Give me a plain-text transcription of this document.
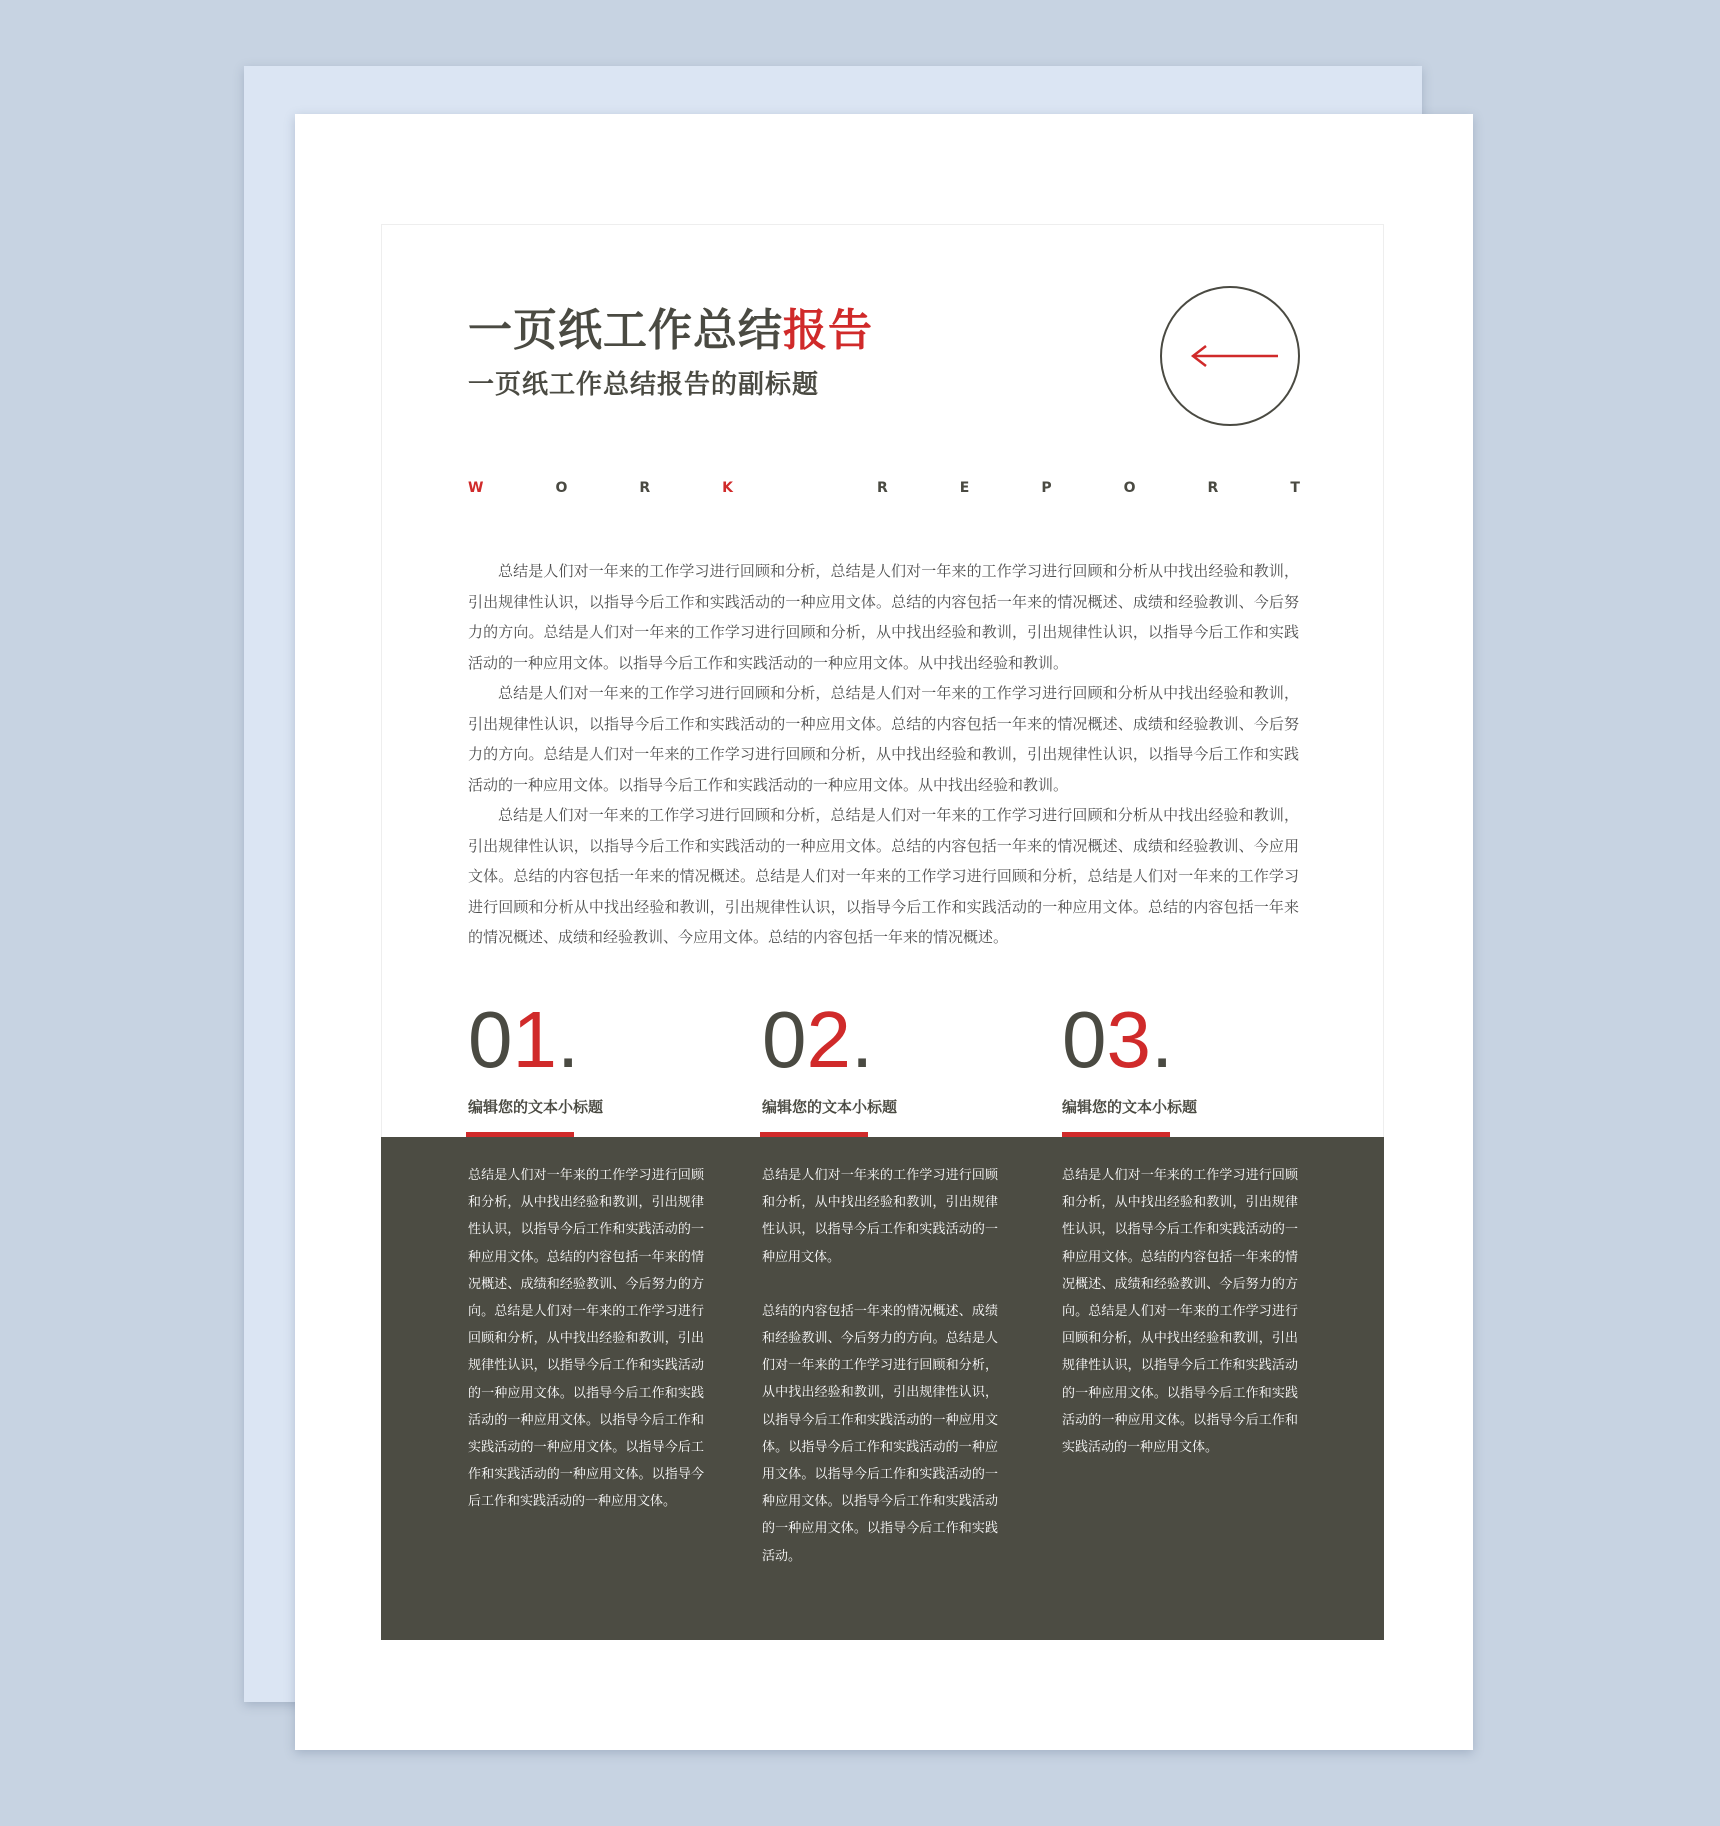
一页纸工作总结报告
一页纸工作总结报告的副标题
W	O	R	K	R	E	P	O	R	T

总结是人们对一年来的工作学习进行回顾和分析，总结是人们对一年来的工作学习进行回顾和分析从中找出经验和教训，引出规律性认识，以指导今后工作和实践活动的一种应用文体。总结的内容包括一年来的情况概述、成绩和经验教训、今后努力的方向。总结是人们对一年来的工作学习进行回顾和分析，从中找出经验和教训，引出规律性认识，以指导今后工作和实践活动的一种应用文体。以指导今后工作和实践活动的一种应用文体。从中找出经验和教训。

总结是人们对一年来的工作学习进行回顾和分析，总结是人们对一年来的工作学习进行回顾和分析从中找出经验和教训，引出规律性认识，以指导今后工作和实践活动的一种应用文体。总结的内容包括一年来的情况概述、成绩和经验教训、今后努力的方向。总结是人们对一年来的工作学习进行回顾和分析，从中找出经验和教训，引出规律性认识，以指导今后工作和实践活动的一种应用文体。以指导今后工作和实践活动的一种应用文体。从中找出经验和教训。

总结是人们对一年来的工作学习进行回顾和分析，总结是人们对一年来的工作学习进行回顾和分析从中找出经验和教训，引出规律性认识，以指导今后工作和实践活动的一种应用文体。总结的内容包括一年来的情况概述、成绩和经验教训、今应用文体。总结的内容包括一年来的情况概述。总结是人们对一年来的工作学习进行回顾和分析，总结是人们对一年来的工作学习进行回顾和分析从中找出经验和教训，引出规律性认识，以指导今后工作和实践活动的一种应用文体。总结的内容包括一年来的情况概述、成绩和经验教训、今应用文体。总结的内容包括一年来的情况概述。

01.
编辑您的文本小标题

总结是人们对一年来的工作学习进行回顾和分析，从中找出经验和教训，引出规律性认识，以指导今后工作和实践活动的一种应用文体。总结的内容包括一年来的情况概述、成绩和经验教训、今后努力的方向。总结是人们对一年来的工作学习进行回顾和分析，从中找出经验和教训，引出规律性认识，以指导今后工作和实践活动的一种应用文体。以指导今后工作和实践活动的一种应用文体。以指导今后工作和实践活动的一种应用文体。以指导今后工作和实践活动的一种应用文体。以指导今后工作和实践活动的一种应用文体。

02.
编辑您的文本小标题

总结是人们对一年来的工作学习进行回顾和分析，从中找出经验和教训，引出规律性认识，以指导今后工作和实践活动的一种应用文体。

总结的内容包括一年来的情况概述、成绩和经验教训、今后努力的方向。总结是人们对一年来的工作学习进行回顾和分析，从中找出经验和教训，引出规律性认识，以指导今后工作和实践活动的一种应用文体。以指导今后工作和实践活动的一种应用文体。以指导今后工作和实践活动的一种应用文体。以指导今后工作和实践活动的一种应用文体。以指导今后工作和实践活动。

03.
编辑您的文本小标题

总结是人们对一年来的工作学习进行回顾和分析，从中找出经验和教训，引出规律性认识，以指导今后工作和实践活动的一种应用文体。总结的内容包括一年来的情况概述、成绩和经验教训、今后努力的方向。总结是人们对一年来的工作学习进行回顾和分析，从中找出经验和教训，引出规律性认识，以指导今后工作和实践活动的一种应用文体。以指导今后工作和实践活动的一种应用文体。以指导今后工作和实践活动的一种应用文体。
